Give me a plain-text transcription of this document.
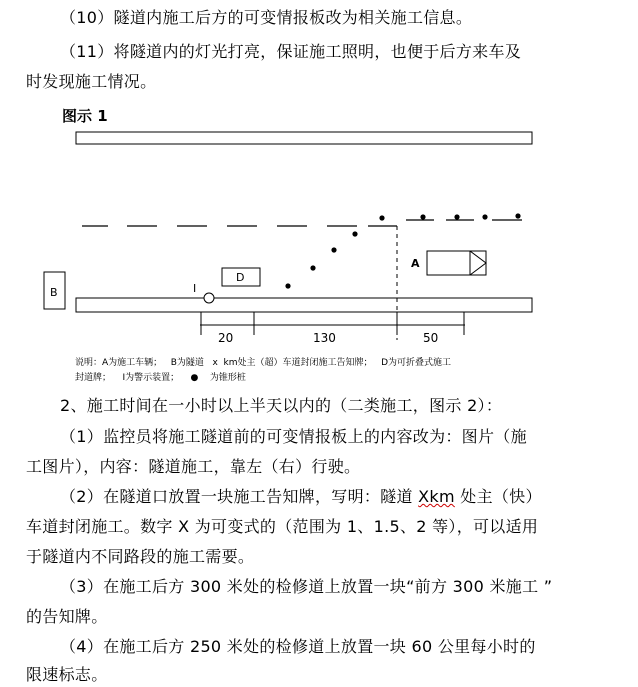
（10）隧道内施工后方的可变情报板改为相关施工信息。
（11）将隧道内的灯光打亮，保证施工照明，也便于后方来车及
时发现施工情况。
图示 1
A
D
B	I
20	130	50
说明：A为施工车辆；   B为隧道   x  km处主（超）车道封闭施工告知牌；   D为可折叠式施工
封道牌；    I为警示装置；    ●    为锥形桩
2、施工时间在一小时以上半天以内的（二类施工，图示 2）：
（1）监控员将施工隧道前的可变情报板上的内容改为：图片（施
工图片），内容：隧道施工，靠左（右）行驶。
（2）在隧道口放置一块施工告知牌，写明：隧道 Xkm 处主（快）
车道封闭施工。数字 X 为可变式的（范围为 1、1.5、2 等），可以适用
于隧道内不同路段的施工需要。
（3）在施工后方 300 米处的检修道上放置一块“前方 300 米施工 ”
的告知牌。
（4）在施工后方 250 米处的检修道上放置一块 60 公里每小时的
限速标志。
